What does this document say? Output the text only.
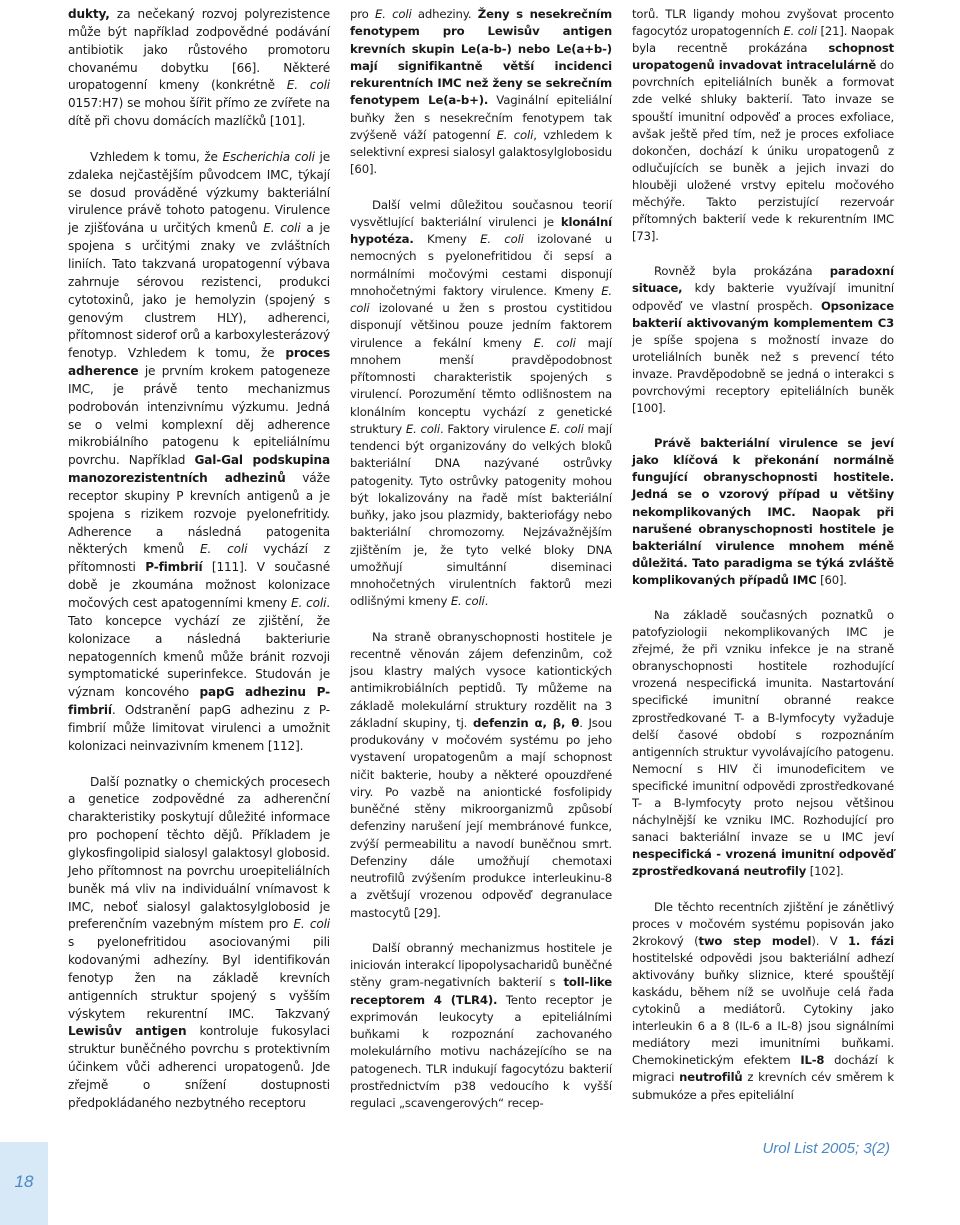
dukty, za nečekaný rozvoj polyrezistence může být například zodpovědné podávání antibiotik jako růstového promotoru chovanému dobytku [66]. Některé uropatogenní kmeny (konkrétně E. coli 0157:H7) se mohou šířit přímo ze zvířete na dítě při chovu domácích mazlíčků [101].

Vzhledem k tomu, že Escherichia coli je zdaleka nejčastějším původcem IMC, týkají se dosud prováděné výzkumy bakteriální virulence právě tohoto patogenu. Virulence je zjišťována u určitých kmenů E. coli a je spojena s určitými znaky ve zvláštních liniích. Tato takzvaná uropatogenní výbava zahrnuje sérovou rezistenci, produkci cytotoxinů, jako je hemolyzin (spojený s genovým clustrem HLY), adherenci, přítomnost siderof orů a karboxylesterázový fenotyp. Vzhledem k tomu, že proces adherence je prvním krokem patogeneze IMC, je právě tento mechanizmus podrobován intenzivnímu výzkumu. Jedná se o velmi komplexní děj adherence mikrobiálního patogenu k epiteliálnímu povrchu. Například Gal-Gal podskupina manozorezistentních adhezinů váže receptor skupiny P krevních antigenů a je spojena s rizikem rozvoje pyelonefritidy. Adherence a následná patogenita některých kmenů E. coli vychází z přítomnosti P-fimbrií [111]. V současné době je zkoumána možnost kolonizace močových cest apatogenními kmeny E. coli. Tato koncepce vychází ze zjištění, že kolonizace a následná bakteriurie nepatogenních kmenů může bránit rozvoji symptomatické superinfekce. Studován je význam koncového papG adhezinu P-fimbrií. Odstranění papG adhezinu z P-fimbrií může limitovat virulenci a umožnit kolonizaci neinvazivním kmenem [112].

Další poznatky o chemických procesech a genetice zodpovědné za adherenční charakteristiky poskytují důležité informace pro pochopení těchto dějů. Příkladem je glykosfingolipid sialosyl galaktosyl globosid. Jeho přítomnost na povrchu uroepiteliálních buněk má vliv na individuální vnímavost k IMC, neboť sialosyl galaktosylglobosid je preferenčním vazebným místem pro E. coli s pyelonefritidou asociovanými pili kodovanými adhezíny. Byl identifikován fenotyp žen na základě krevních antigenních struktur spojený s vyšším výskytem rekurentní IMC. Takzvaný Lewisův antigen kontroluje fukosylaci struktur buněčného povrchu s protektivním účinkem vůči adherenci uropatogenů. Jde zřejmě o snížení dostupnosti předpokládaného nezbytného receptoru

pro E. coli adheziny. Ženy s nesekrečním fenotypem pro Lewisův antigen krevních skupin Le(a-b-) nebo Le(a+b-) mají signifikantně větší incidenci rekurentních IMC než ženy se sekrečním fenotypem Le(a-b+). Vaginální epiteliální buňky žen s nesekrečním fenotypem tak zvýšeně váží patogenní E. coli, vzhledem k selektivní expresi sialosyl galaktosylglobosidu [60].

Další velmi důležitou současnou teorií vysvětlující bakteriální virulenci je klonální hypotéza. Kmeny E. coli izolované u nemocných s pyelonefritidou či sepsí a normálními močovými cestami disponují mnohočetnými faktory virulence. Kmeny E. coli izolované u žen s prostou cystitidou disponují většinou pouze jedním faktorem virulence a fekální kmeny E. coli mají mnohem menší pravděpodobnost přítomnosti charakteristik spojených s virulencí. Porozumění těmto odlišnostem na klonálním konceptu vychází z genetické struktury E. coli. Faktory virulence E. coli mají tendenci být organizovány do velkých bloků bakteriální DNA nazývané ostrůvky patogenity. Tyto ostrůvky patogenity mohou být lokalizovány na řadě míst bakteriální buňky, jako jsou plazmidy, bakteriofágy nebo bakteriální chromozomy. Nejzávažnějším zjištěním je, že tyto velké bloky DNA umožňují simultánní diseminaci mnohočetných virulentních faktorů mezi odlišnými kmeny E. coli.

Na straně obranyschopnosti hostitele je recentně věnován zájem defenzinům, což jsou klastry malých vysoce kationtických antimikrobiálních peptidů. Ty můžeme na základě molekulární struktury rozdělit na 3 základní skupiny, tj. defenzin α, β, θ. Jsou produkovány v močovém systému po jeho vystavení uropatogenům a mají schopnost ničit bakterie, houby a některé opouzdřené viry. Po vazbě na aniontické fosfolipidy buněčné stěny mikroorganizmů způsobí defenziny narušení její membránové funkce, zvýší permeabilitu a navodí buněčnou smrt. Defenziny dále umožňují chemotaxi neutrofilů zvýšením produkce interleukinu-8 a zvětšují vrozenou odpověď degranulace mastocytů [29].

Další obranný mechanizmus hostitele je iniciován interakcí lipopolysacharidů buněčné stěny gram-negativních bakterií s toll-like receptorem 4 (TLR4). Tento receptor je exprimován leukocyty a epiteliálními buňkami k rozpoznání zachovaného molekulárního motivu nacházejícího se na patogenech. TLR indukují fagocytózu bakterií prostřednictvím p38 vedoucího k vyšší regulaci „scavengerových“ recep-

torů. TLR ligandy mohou zvyšovat procento fagocytóz uropatogenních E. coli [21]. Naopak byla recentně prokázána schopnost uropatogenů invadovat intracelulárně do povrchních epiteliálních buněk a formovat zde velké shluky bakterií. Tato invaze se spouští imunitní odpověď a proces exfoliace, avšak ještě před tím, než je proces exfoliace dokončen, dochází k úniku uropatogenů z odlučujících se buněk a jejich invazi do hlouběji uložené vrstvy epitelu močového měchýře. Takto perzistující rezervoár přítomných bakterií vede k rekurentním IMC [73].

Rovněž byla prokázána paradoxní situace, kdy bakterie využívají imunitní odpověď ve vlastní prospěch. Opsonizace bakterií aktivovaným komplementem C3 je spíše spojena s možností invaze do uroteliálních buněk než s prevencí této invaze. Pravděpodobně se jedná o interakci s povrchovými receptory epiteliálních buněk [100].

Právě bakteriální virulence se jeví jako klíčová k překonání normálně fungující obranyschopnosti hostitele. Jedná se o vzorový případ u většiny nekomplikovaných IMC. Naopak při narušené obranyschopnosti hostitele je bakteriální virulence mnohem méně důležitá. Tato paradigma se týká zvláště komplikovaných případů IMC [60].

Na základě současných poznatků o patofyziologii nekomplikovaných IMC je zřejmé, že při vzniku infekce je na straně obranyschopnosti hostitele rozhodující vrozená nespecifická imunita. Nastartování specifické imunitní obranné reakce zprostředkované T- a B-lymfocyty vyžaduje delší časové období s rozpoznáním antigenních struktur vyvolávajícího patogenu. Nemocní s HIV či imunodeficitem ve specifické imunitní odpovědi zprostředkované T- a B-lymfocyty proto nejsou většinou náchylnější ke vzniku IMC. Rozhodující pro sanaci bakteriální invaze se u IMC jeví nespecifická - vrozená imunitní odpověď zprostředkovaná neutrofily [102].

Dle těchto recentních zjištění je zánětlivý proces v močovém systému popisován jako 2krokový (two step model). V 1. fázi hostitelské odpovědi jsou bakteriální adhezí aktivovány buňky sliznice, které spouštějí kaskádu, během níž se uvolňuje celá řada cytokinů a mediátorů. Cytokiny jako interleukin 6 a 8 (IL-6 a IL-8) jsou signálními mediátory mezi imunitními buňkami. Chemokinetickým efektem IL-8 dochází k migraci neutrofilů z krevních cév směrem k submukóze a přes epiteliální

18
Urol List 2005; 3(2)
